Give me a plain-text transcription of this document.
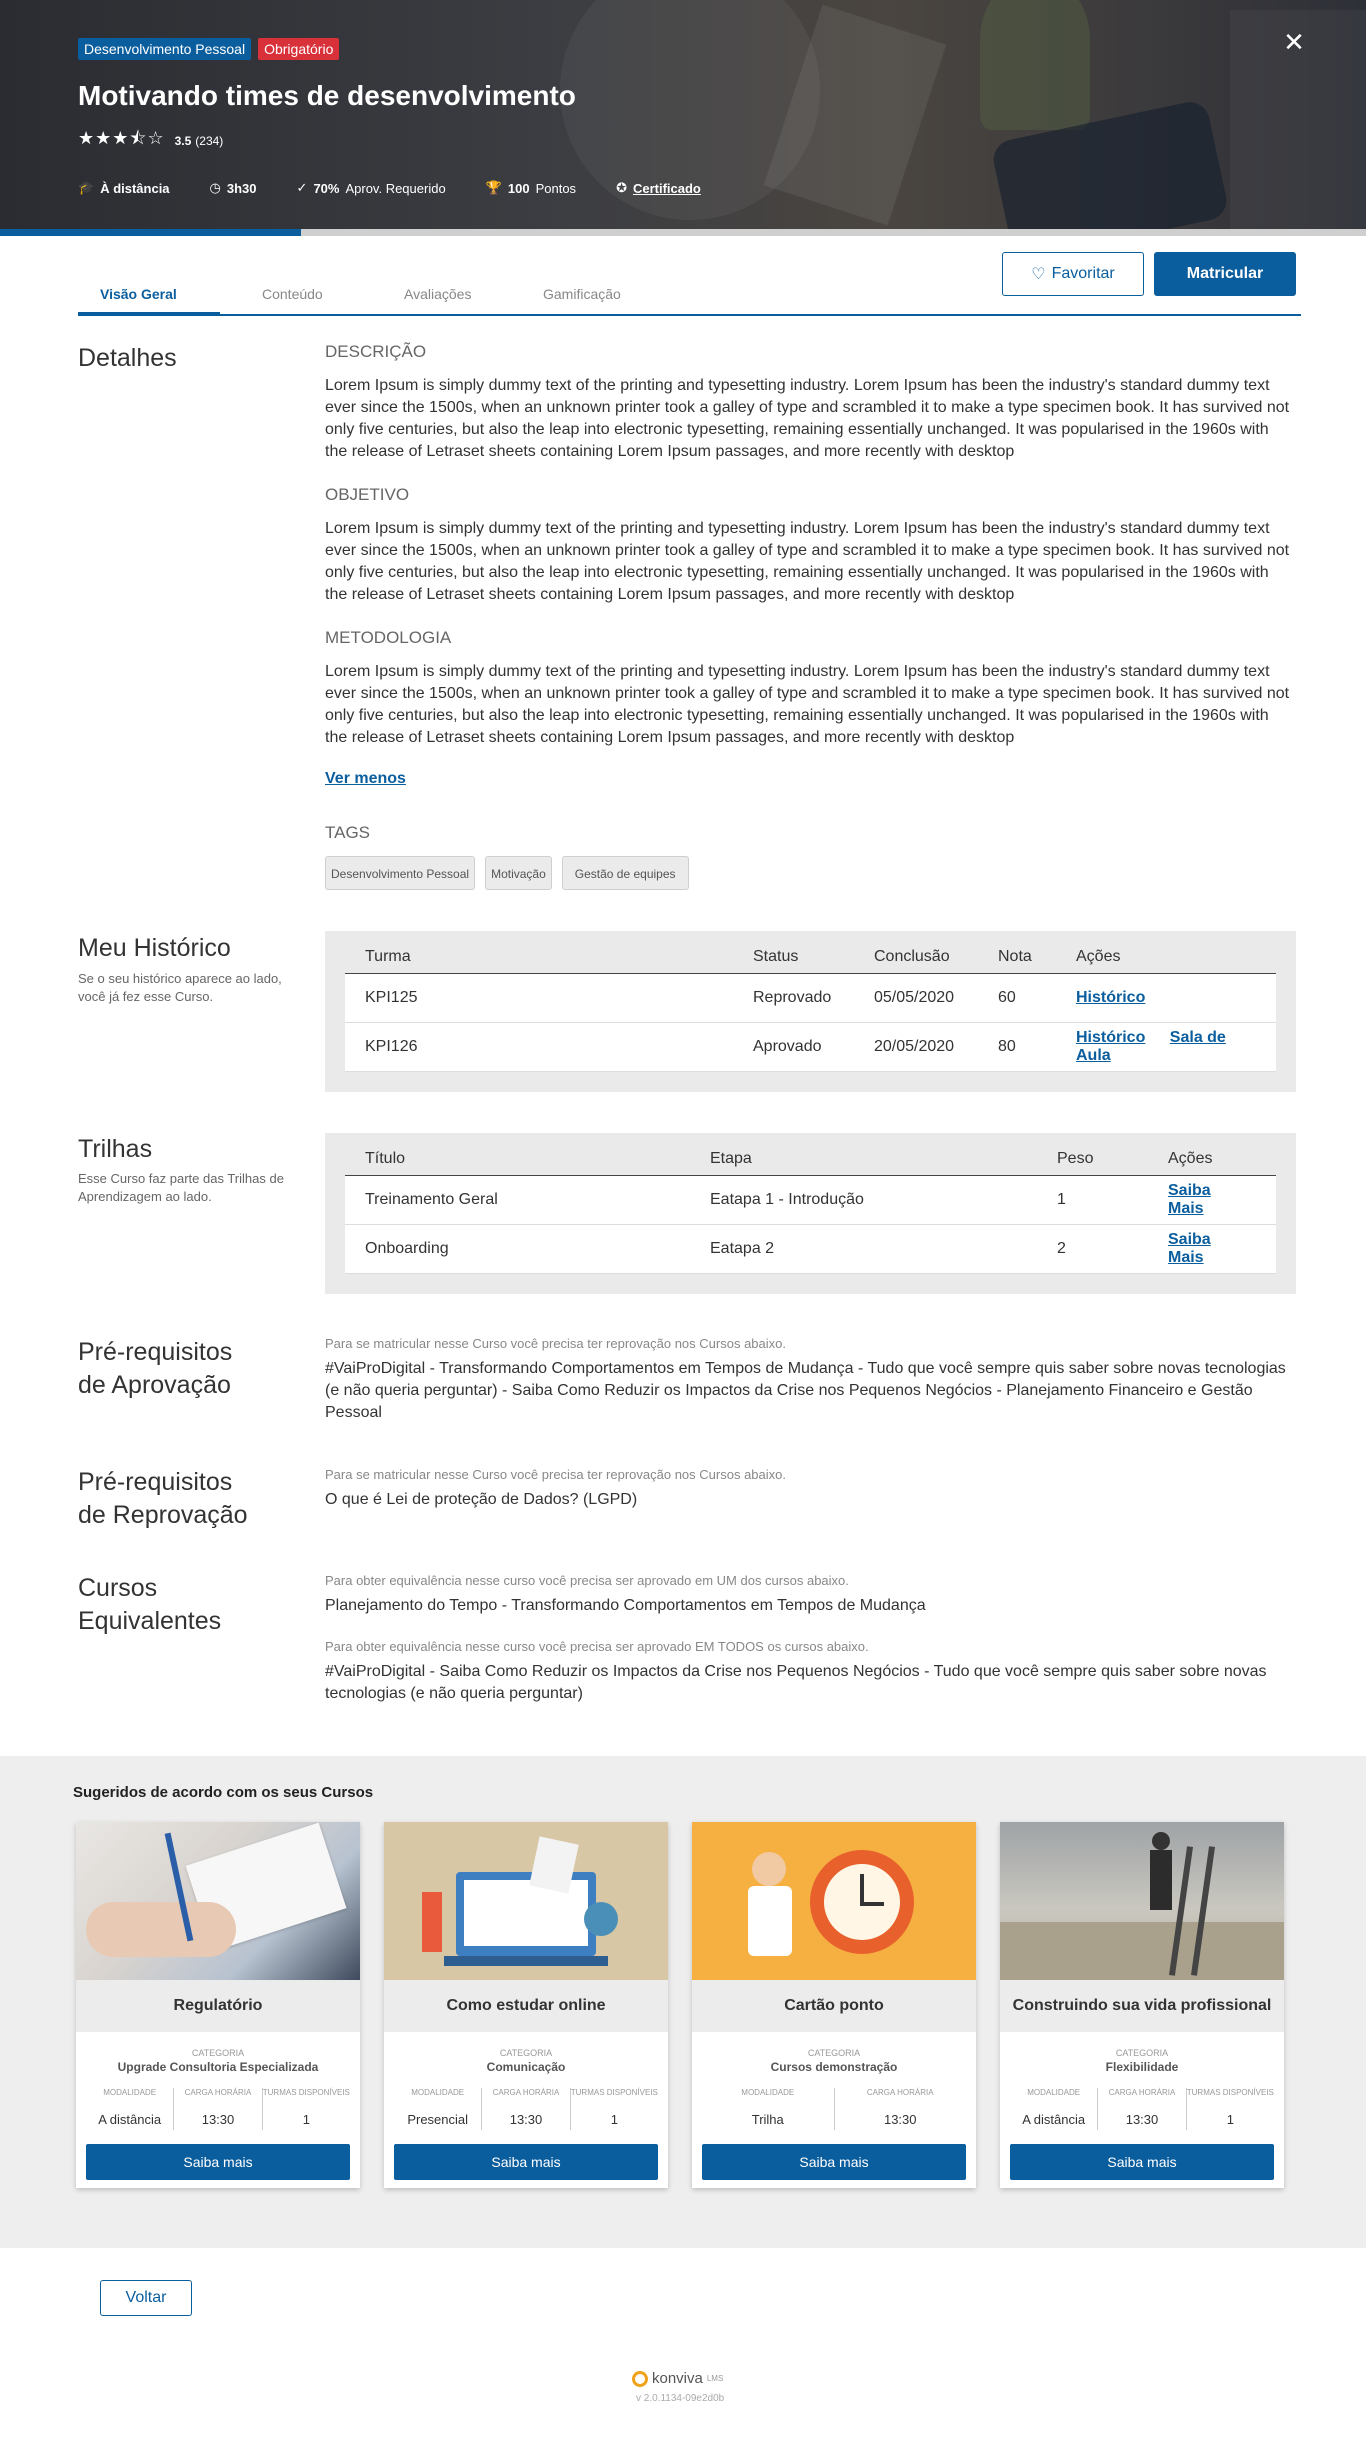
Desenvolvimento Pessoal	Obrigatório
Motivando times de desenvolvimento
★★★⯪☆ 3.5 (234)
🎓 À distância	◷ 3h30	✓ 70% Aprov. Requerido	🏆 100 Pontos	✪ Certificado
✕
Visão Geral	Conteúdo	Avaliações	Gamificação
♡ Favoritar	Matricular
Detalhes	DESCRIÇÃO
Lorem Ipsum is simply dummy text of the printing and typesetting industry. Lorem Ipsum has been the industry's standard dummy text ever since the 1500s, when an unknown printer took a galley of type and scrambled it to make a type specimen book. It has survived not only five centuries, but also the leap into electronic typesetting, remaining essentially unchanged. It was popularised in the 1960s with the release of Letraset sheets containing Lorem Ipsum passages, and more recently with desktop
OBJETIVO
Lorem Ipsum is simply dummy text of the printing and typesetting industry. Lorem Ipsum has been the industry's standard dummy text ever since the 1500s, when an unknown printer took a galley of type and scrambled it to make a type specimen book. It has survived not only five centuries, but also the leap into electronic typesetting, remaining essentially unchanged. It was popularised in the 1960s with the release of Letraset sheets containing Lorem Ipsum passages, and more recently with desktop
METODOLOGIA
Lorem Ipsum is simply dummy text of the printing and typesetting industry. Lorem Ipsum has been the industry's standard dummy text ever since the 1500s, when an unknown printer took a galley of type and scrambled it to make a type specimen book. It has survived not only five centuries, but also the leap into electronic typesetting, remaining essentially unchanged. It was popularised in the 1960s with the release of Letraset sheets containing Lorem Ipsum passages, and more recently with desktop
Ver menos
TAGS
Desenvolvimento Pessoal	Motivação	Gestão de equipes
Meu Histórico
Se o seu histórico aparece ao lado, você já fez esse Curso.
Turma	Status	Conclusão	Nota	Ações
KPI125	Reprovado	05/05/2020	60	Histórico
KPI126	Aprovado	20/05/2020	80	Histórico Sala de Aula
Trilhas
Esse Curso faz parte das Trilhas de Aprendizagem ao lado.
Título	Etapa	Peso	Ações
Treinamento Geral	Eatapa 1 - Introdução	1	Saiba Mais
Onboarding	Eatapa 2	2	Saiba Mais
Pré-requisitos
de Aprovação
Para se matricular nesse Curso você precisa ter reprovação nos Cursos abaixo.
#VaiProDigital - Transformando Comportamentos em Tempos de Mudança - Tudo que você sempre quis saber sobre novas tecnologias (e não queria perguntar) - Saiba Como Reduzir os Impactos da Crise nos Pequenos Negócios - Planejamento Financeiro e Gestão Pessoal
Pré-requisitos
de Reprovação
Para se matricular nesse Curso você precisa ter reprovação nos Cursos abaixo.
O que é Lei de proteção de Dados? (LGPD)
Cursos
Equivalentes
Para obter equivalência nesse curso você precisa ser aprovado em UM dos cursos abaixo.
Planejamento do Tempo - Transformando Comportamentos em Tempos de Mudança
Para obter equivalência nesse curso você precisa ser aprovado EM TODOS os cursos abaixo.
#VaiProDigital - Saiba Como Reduzir os Impactos da Crise nos Pequenos Negócios - Tudo que você sempre quis saber sobre novas tecnologias (e não queria perguntar)
Sugeridos de acordo com os seus Cursos
Regulatório
CATEGORIA
Upgrade Consultoria Especializada
MODALIDADE
A distância
CARGA HORÁRIA
13:30
TURMAS DISPONÍVEIS
1
Saiba mais
Como estudar online
CATEGORIA
Comunicação
MODALIDADE
Presencial
CARGA HORÁRIA
13:30
TURMAS DISPONÍVEIS
1
Saiba mais
Cartão ponto
CATEGORIA
Cursos demonstração
MODALIDADE
Trilha
CARGA HORÁRIA
13:30
Saiba mais
Construindo sua vida profissional
CATEGORIA
Flexibilidade
MODALIDADE
A distância
CARGA HORÁRIA
13:30
TURMAS DISPONÍVEIS
1
Saiba mais
Voltar
konviva LMS
v 2.0.1134-09e2d0b
